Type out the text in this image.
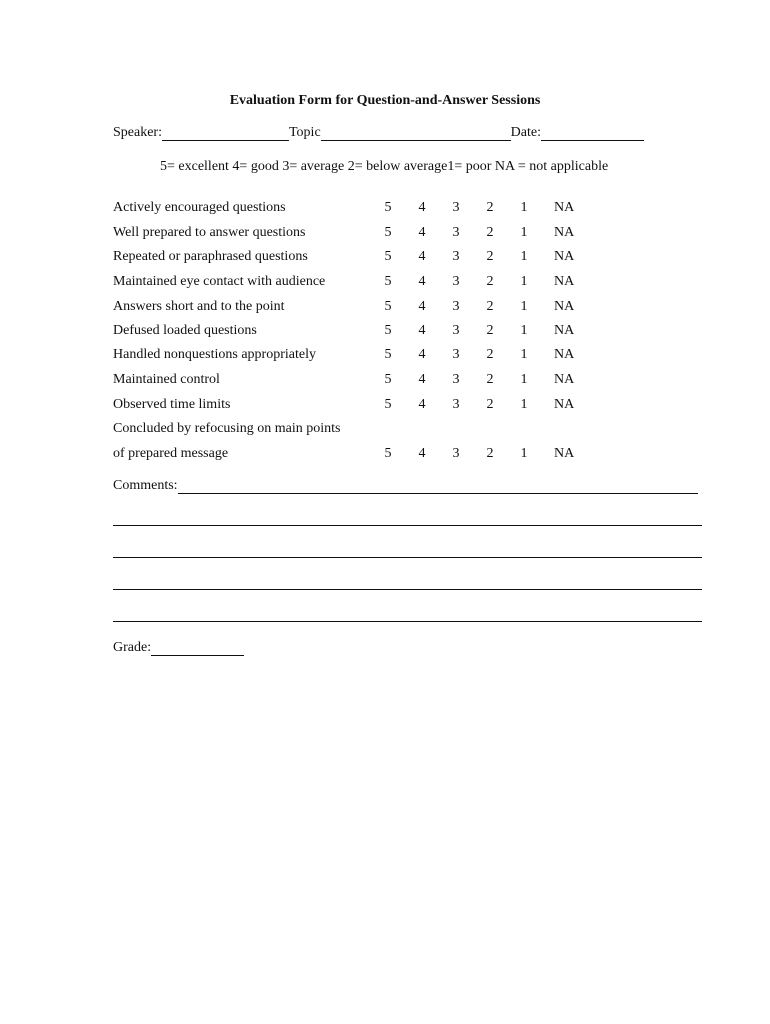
Evaluation Form for Question-and-Answer Sessions
Speaker:	Topic	Date:
5= excellent 4= good 3= average 2= below average1= poor NA = not applicable
Actively encouraged questions	5	4	3	2	1	NA
Well prepared to answer questions	5	4	3	2	1	NA
Repeated or paraphrased questions	5	4	3	2	1	NA
Maintained eye contact with audience	5	4	3	2	1	NA
Answers short and to the point	5	4	3	2	1	NA
Defused loaded questions	5	4	3	2	1	NA
Handled nonquestions appropriately	5	4	3	2	1	NA
Maintained control	5	4	3	2	1	NA
Observed time limits	5	4	3	2	1	NA
Concluded by refocusing on main points
of prepared message	5	4	3	2	1	NA
Comments:
Grade:
